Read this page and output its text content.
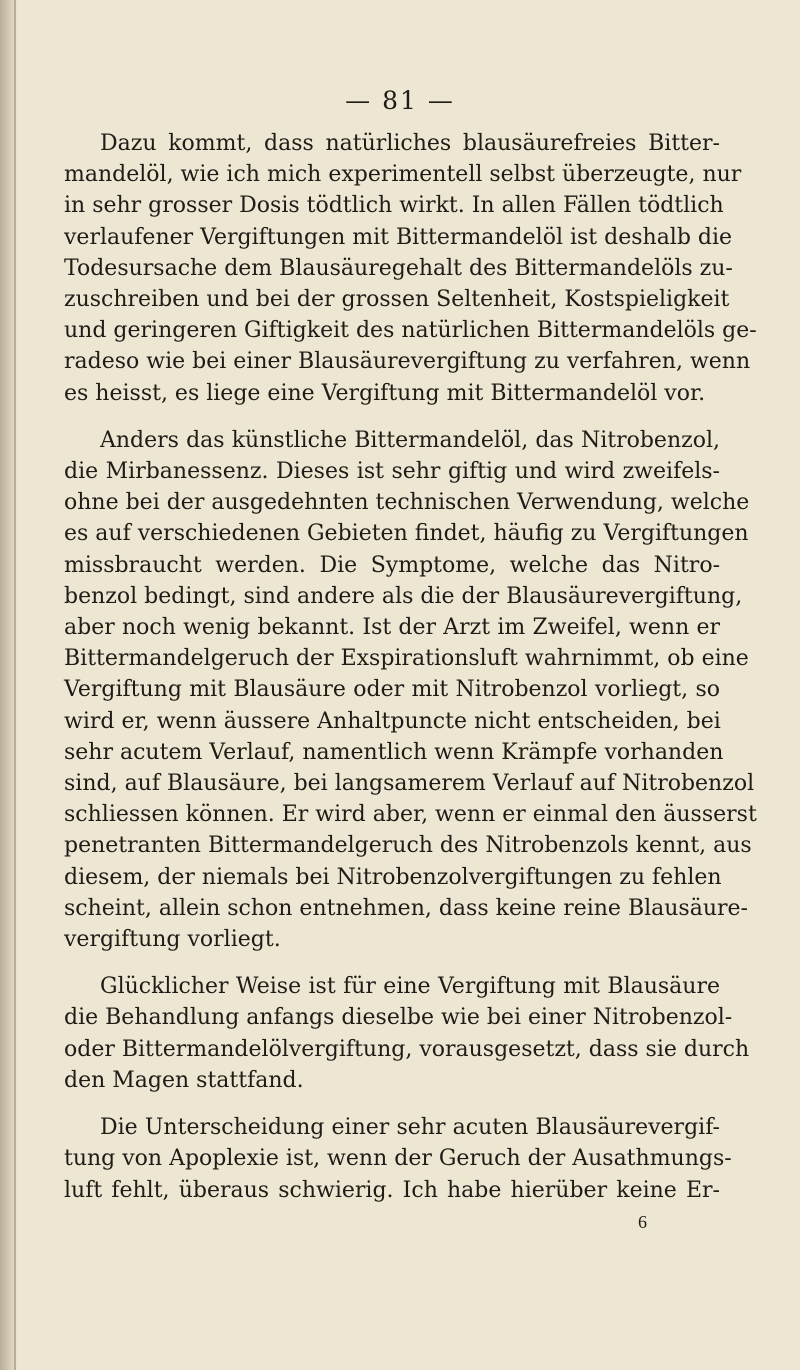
— 81 —

Dazu kommt, dass natürliches blausäurefreies Bitter-
mandelöl, wie ich mich experimentell selbst überzeugte, nur
in sehr grosser Dosis tödtlich wirkt. In allen Fällen tödtlich
verlaufener Vergiftungen mit Bittermandelöl ist deshalb die
Todesursache dem Blausäuregehalt des Bittermandelöls zu-
zuschreiben und bei der grossen Seltenheit, Kostspieligkeit
und geringeren Giftigkeit des natürlichen Bittermandelöls ge-
radeso wie bei einer Blausäurevergiftung zu verfahren, wenn
es heisst, es liege eine Vergiftung mit Bittermandelöl vor.

Anders das künstliche Bittermandelöl, das Nitrobenzol,
die Mirbanessenz. Dieses ist sehr giftig und wird zweifels-
ohne bei der ausgedehnten technischen Verwendung, welche
es auf verschiedenen Gebieten findet, häufig zu Vergiftungen
missbraucht werden. Die Symptome, welche das Nitro-
benzol bedingt, sind andere als die der Blausäurevergiftung,
aber noch wenig bekannt. Ist der Arzt im Zweifel, wenn er
Bittermandelgeruch der Exspirationsluft wahrnimmt, ob eine
Vergiftung mit Blausäure oder mit Nitrobenzol vorliegt, so
wird er, wenn äussere Anhaltpuncte nicht entscheiden, bei
sehr acutem Verlauf, namentlich wenn Krämpfe vorhanden
sind, auf Blausäure, bei langsamerem Verlauf auf Nitrobenzol
schliessen können. Er wird aber, wenn er einmal den äusserst
penetranten Bittermandelgeruch des Nitrobenzols kennt, aus
diesem, der niemals bei Nitrobenzolvergiftungen zu fehlen
scheint, allein schon entnehmen, dass keine reine Blausäure-
vergiftung vorliegt.

Glücklicher Weise ist für eine Vergiftung mit Blausäure
die Behandlung anfangs dieselbe wie bei einer Nitrobenzol-
oder Bittermandelölvergiftung, vorausgesetzt, dass sie durch
den Magen stattfand.

Die Unterscheidung einer sehr acuten Blausäurevergif-
tung von Apoplexie ist, wenn der Geruch der Ausathmungs-
luft fehlt, überaus schwierig. Ich habe hierüber keine Er-

6
